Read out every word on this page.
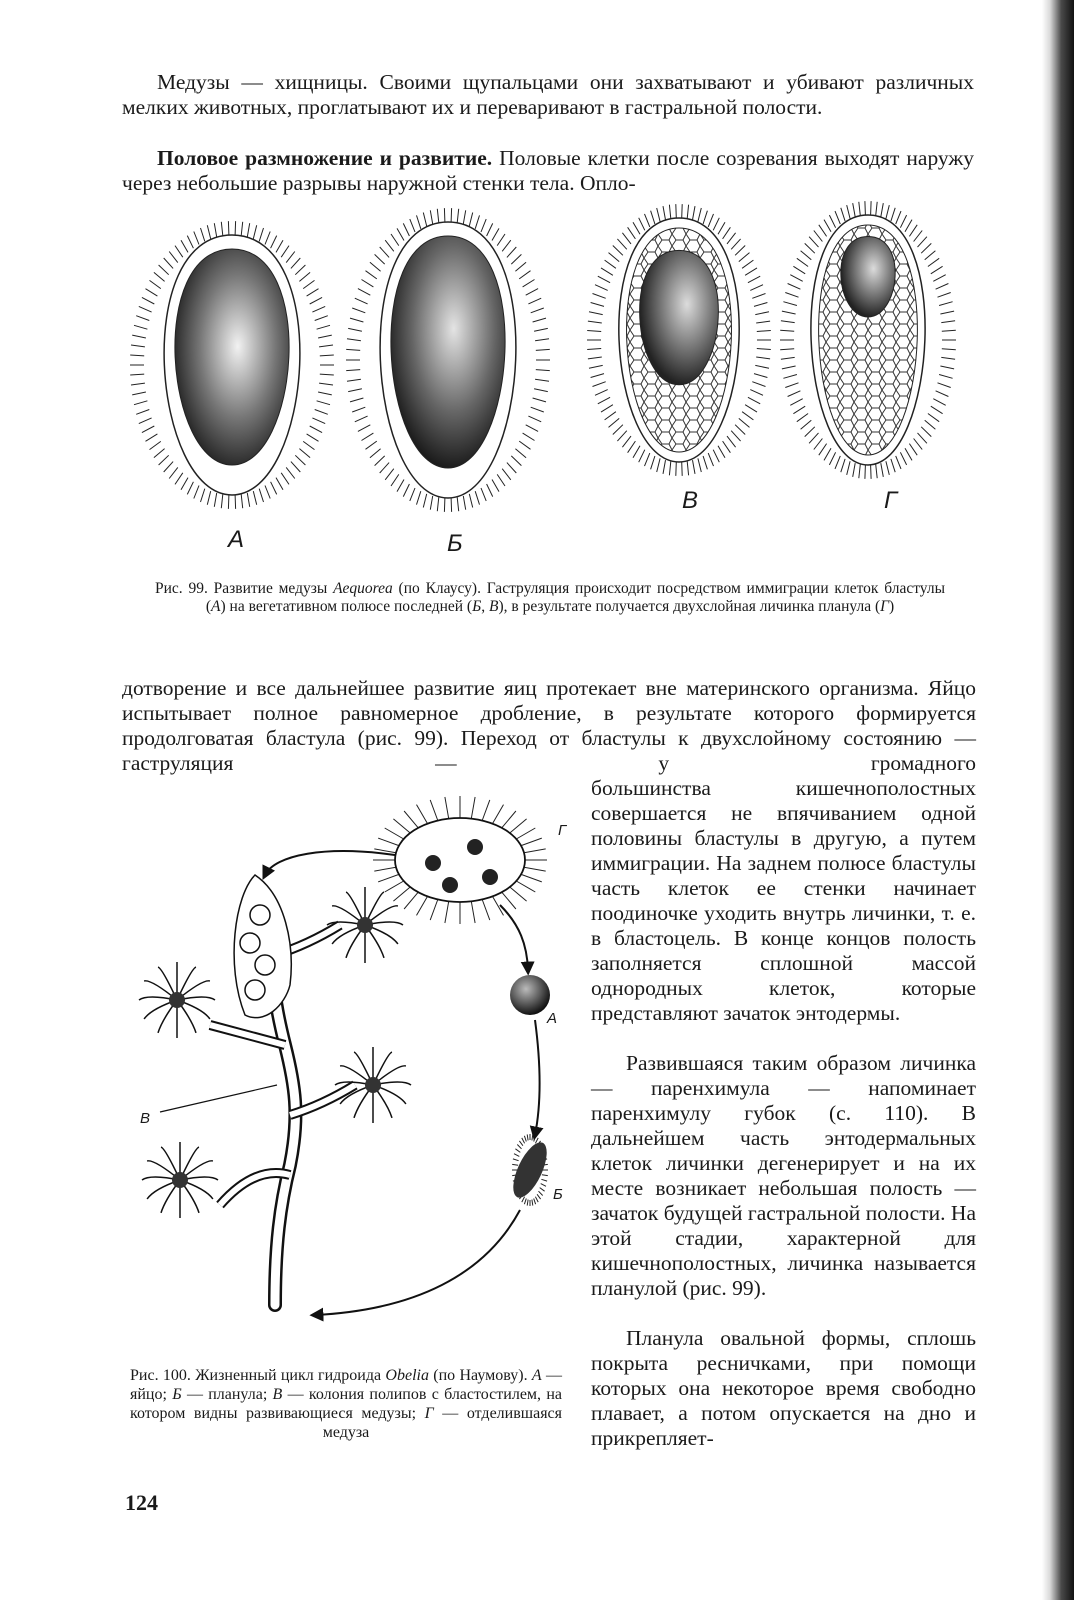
Медузы — хищницы. Своими щупальцами они захватывают и убивают различных мелких животных, проглатывают их и переваривают в гастральной полости.

Половое размножение и развитие. Половые клетки после созревания выходят наружу через небольшие разрывы наружной стенки тела. Опло-

А	Б
В	Г

Рис. 99. Развитие медузы Aequorea (по Клаусу). Гаструляция происходит посредством иммиграции клеток бластулы (А) на вегетативном полюсе последней (Б, В), в результате получается двухслойная личинка планула (Г)

дотворение и все дальнейшее развитие яиц протекает вне материнского организма. Яйцо испытывает полное равномерное дробление, в результате которого формируется продолговатая бластула (рис. 99). Переход от бластулы к двухслойному состоянию — гаструляция — у громадного

большинства кишечнополостных совершается не впячиванием одной половины бластулы в другую, а путем иммиграции. На заднем полюсе бластулы часть клеток ее стенки начинает поодиночке уходить внутрь личинки, т. е. в бластоцель. В конце концов полость заполняется сплошной массой однородных клеток, которые представляют зачаток энтодермы.

Развившаяся таким образом личинка — паренхимула — напоминает паренхимулу губок (с. 110). В дальнейшем часть энтодермальных клеток личинки дегенерирует и на их месте возникает небольшая полость — зачаток будущей гастральной полости. На этой стадии, характерной для кишечнополостных, личинка называется планулой (рис. 99).

Планула овальной формы, сплошь покрыта ресничками, при помощи которых она некоторое время свободно плавает, а потом опускается на дно и прикрепляет-

Г
А
Б
В

Рис. 100. Жизненный цикл гидроида Obelia (по Наумову). А — яйцо; Б — планула; В — колония полипов с бластостилем, на котором видны развивающиеся медузы; Г — отделившаяся медуза

124
